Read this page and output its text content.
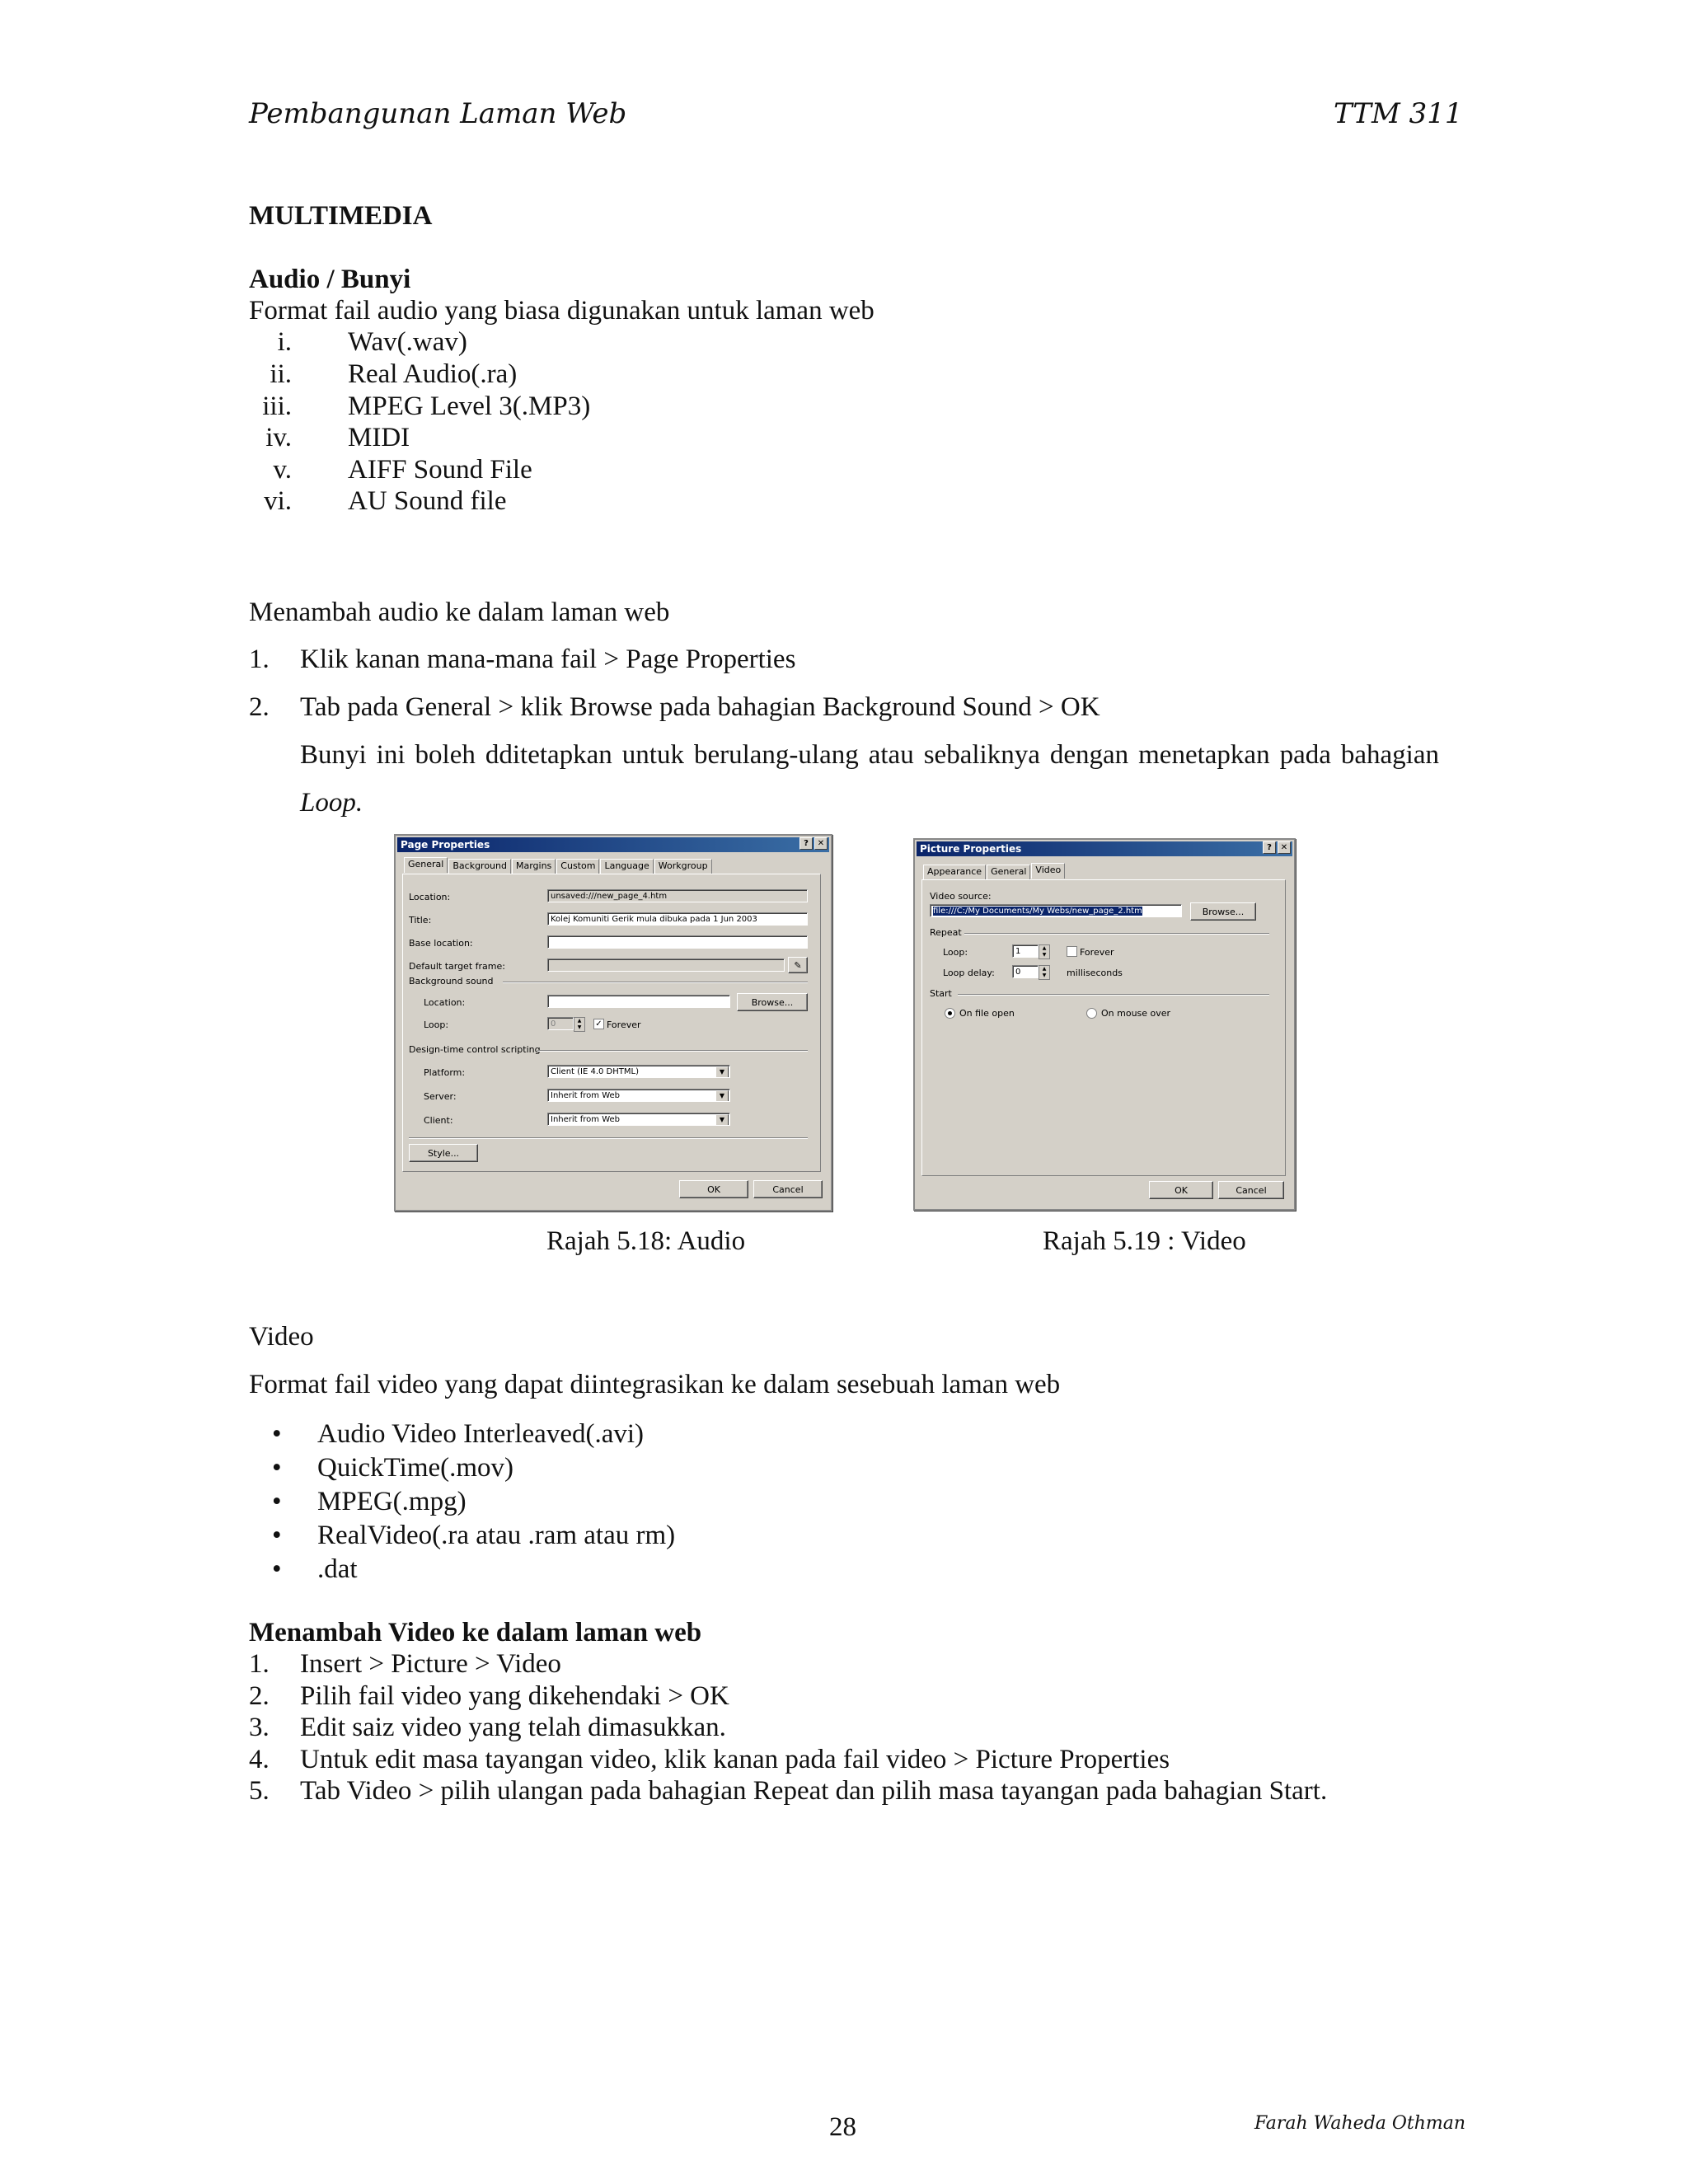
Pembangunan Laman Web	TTM 311
MULTIMEDIA
Audio / Bunyi
Format fail audio yang biasa digunakan untuk laman web
i. Wav(.wav)
ii. Real Audio(.ra)
iii. MPEG Level 3(.MP3)
iv. MIDI
v. AIFF Sound File
vi. AU Sound file
Menambah audio ke dalam laman web
1. Klik kanan mana-mana fail > Page Properties
2. Tab pada General > klik Browse pada bahagian Background Sound > OK
Bunyi ini boleh dditetapkan untuk berulang-ulang atau sebaliknya dengan menetapkan pada bahagian
Loop.
Page Properties	?	✕
General	Background	Margins	Custom	Language	Workgroup
Location:	unsaved:///new_page_4.htm
Title:	Kolej Komuniti Gerik mula dibuka pada 1 Jun 2003
Base location:
Default target frame:	✎
Background sound
Location:	Browse...
Loop:	0	▲
▼	✓ Forever
Design-time control scripting
Platform:	Client (IE 4.0 DHTML)	▼
Server:	Inherit from Web	▼
Client:	Inherit from Web	▼
Style...
OK	Cancel
Picture Properties	?	✕
Appearance	General	Video
Video source:
file:///C:/My Documents/My Webs/new_page_2.htm	Browse...
Repeat
Loop:	1	▲
▼	Forever
Loop delay:	0	▲
▼	milliseconds
Start
On file open	On mouse over
OK	Cancel
Rajah 5.18: Audio	Rajah 5.19 : Video
Video
Format fail video yang dapat diintegrasikan ke dalam sesebuah laman web
• Audio Video Interleaved(.avi)
• QuickTime(.mov)
• MPEG(.mpg)
• RealVideo(.ra atau .ram atau rm)
• .dat
Menambah Video ke dalam laman web
1. Insert > Picture > Video
2. Pilih fail video yang dikehendaki > OK
3. Edit saiz video yang telah dimasukkan.
4. Untuk edit masa tayangan video, klik kanan pada fail video > Picture Properties
5. Tab Video > pilih ulangan pada bahagian Repeat dan pilih masa tayangan pada bahagian Start.
28	Farah Waheda Othman
